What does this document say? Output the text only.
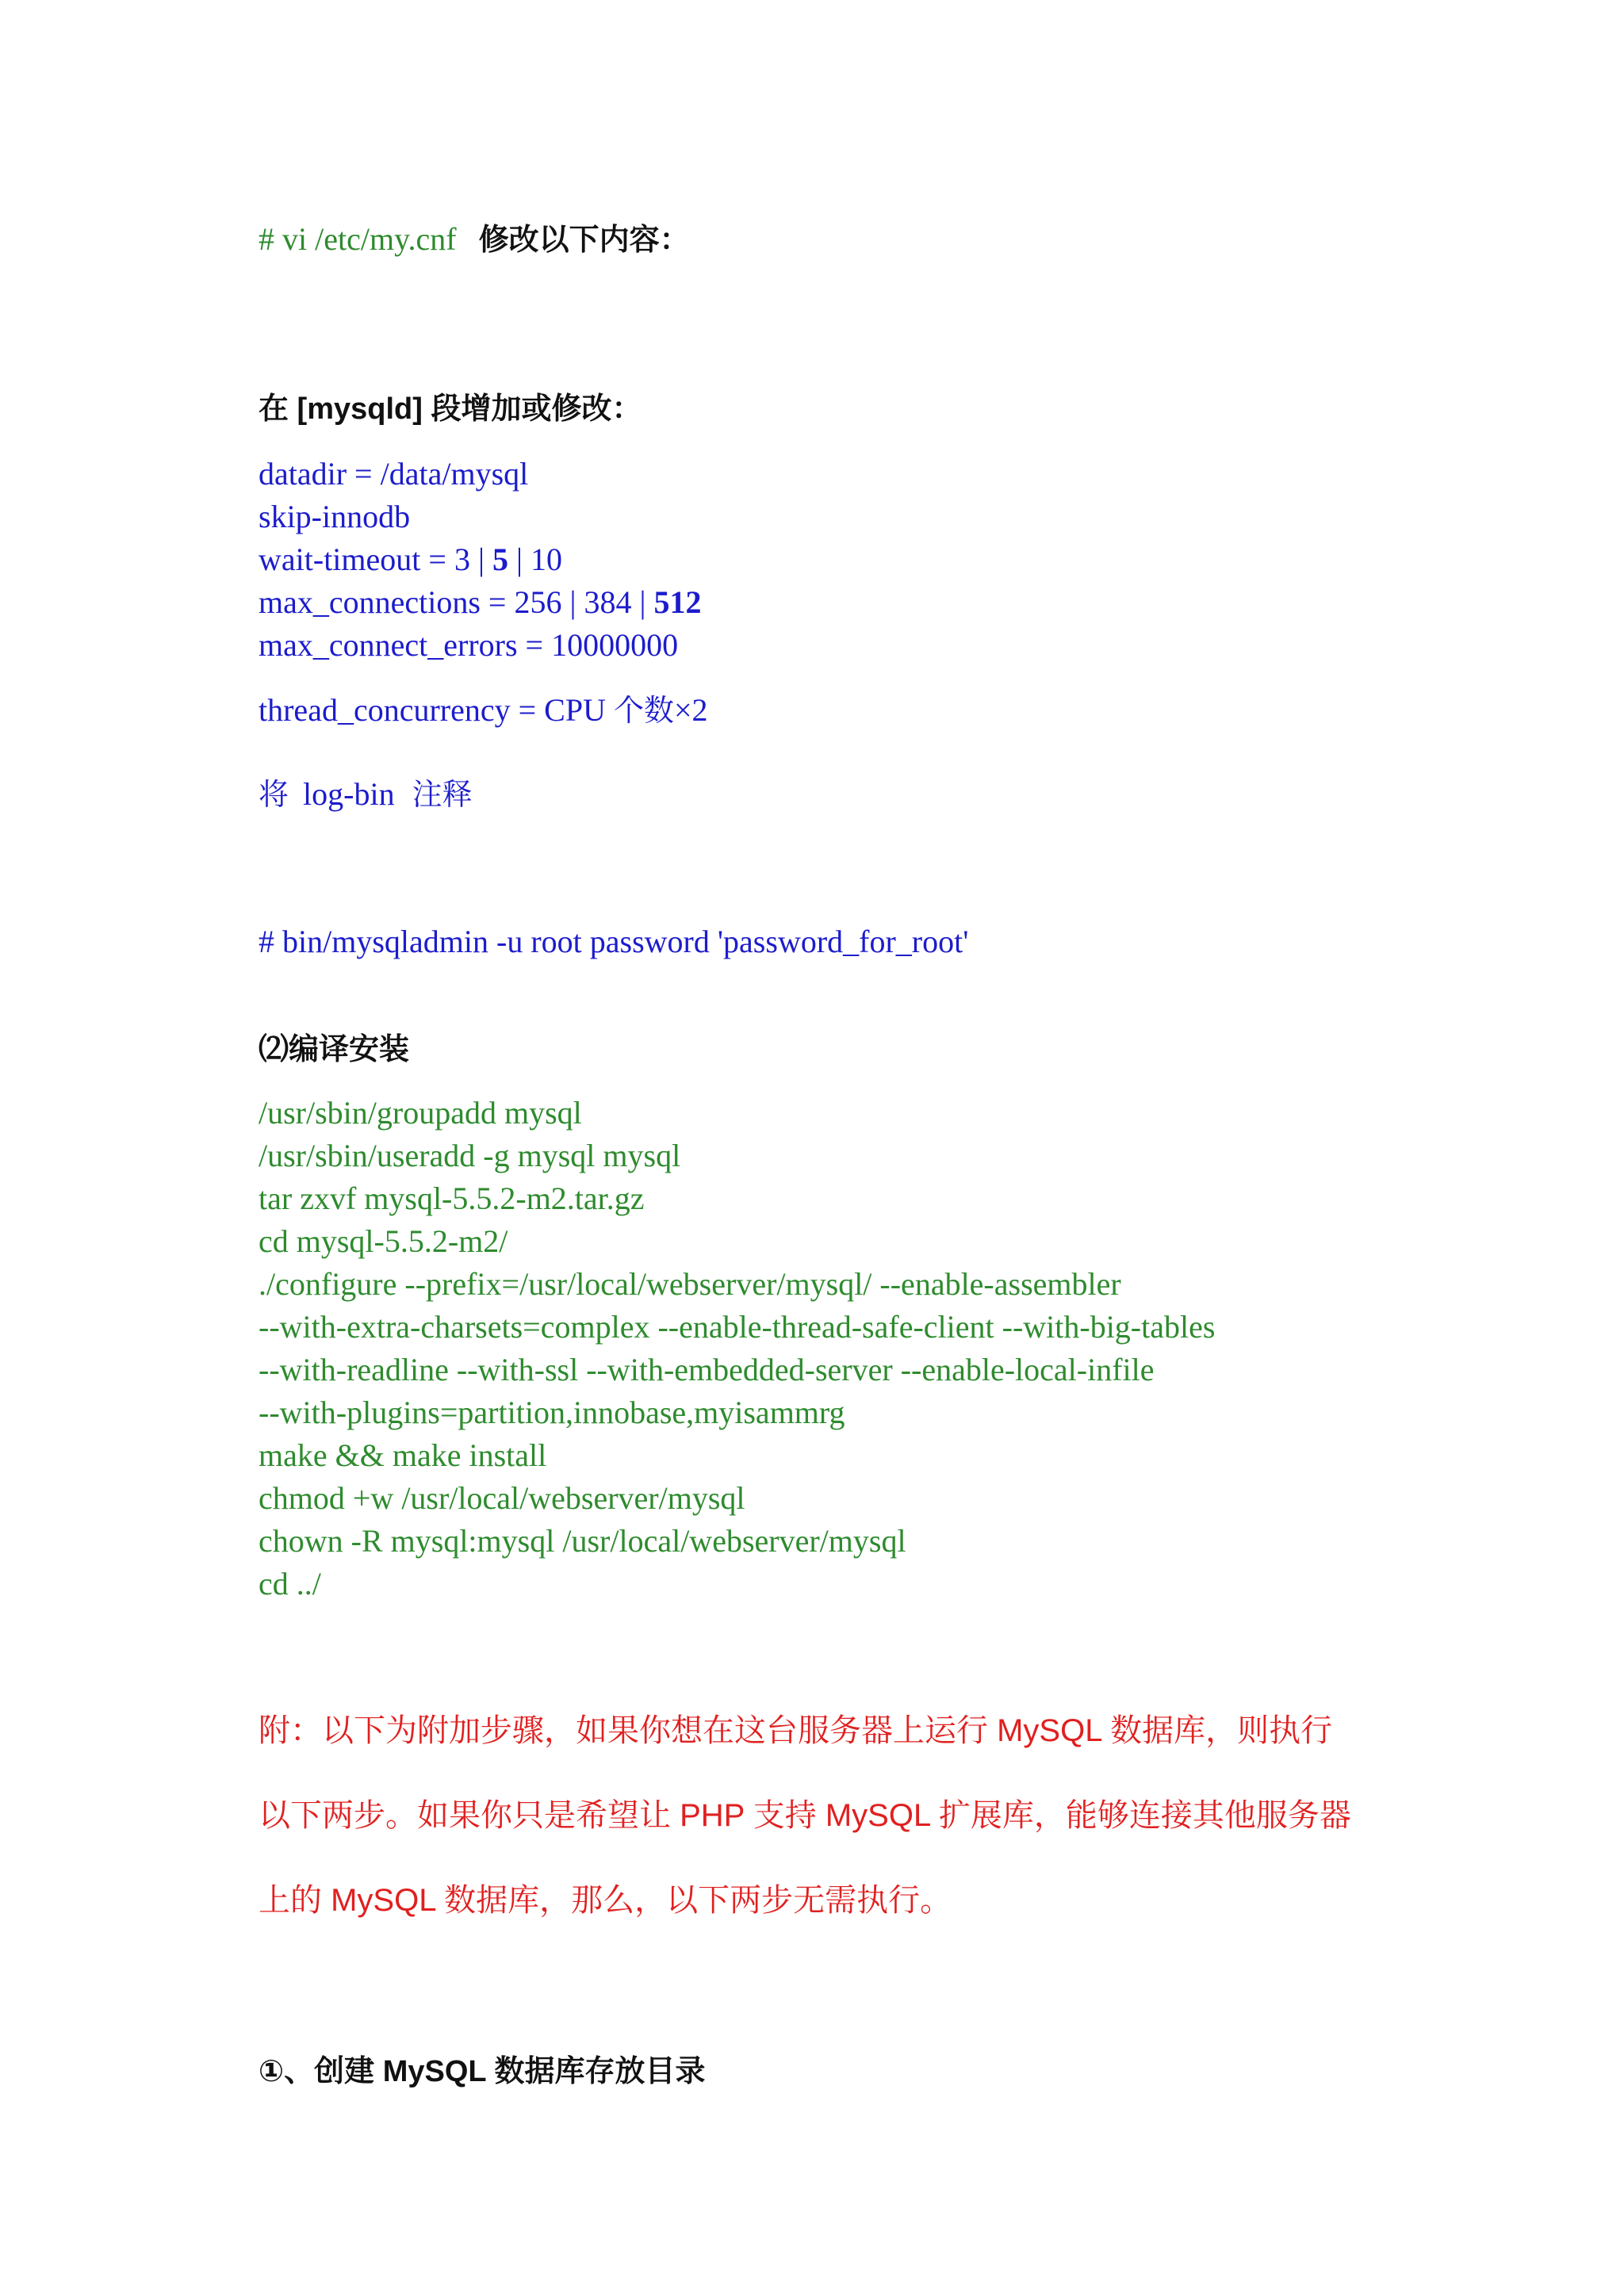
# vi /etc/my.cnf 修改以下内容：
在 [mysqld] 段增加或修改：
datadir = /data/mysql
skip-innodb
wait-timeout = 3 | 5 | 10
max_connections = 256 | 384 | 512
max_connect_errors = 10000000
thread_concurrency = CPU 个数×2
将 log-bin 注释
# bin/mysqladmin -u root password 'password_for_root'
⑵编译安装
/usr/sbin/groupadd mysql
/usr/sbin/useradd -g mysql mysql
tar zxvf mysql-5.5.2-m2.tar.gz
cd mysql-5.5.2-m2/
./configure --prefix=/usr/local/webserver/mysql/ --enable-assembler
--with-extra-charsets=complex --enable-thread-safe-client --with-big-tables
--with-readline --with-ssl --with-embedded-server --enable-local-infile
--with-plugins=partition,innobase,myisammrg
make && make install
chmod +w /usr/local/webserver/mysql
chown -R mysql:mysql /usr/local/webserver/mysql
cd ../
附：以下为附加步骤，如果你想在这台服务器上运行 MySQL 数据库，则执行
以下两步。如果你只是希望让 PHP 支持 MySQL 扩展库，能够连接其他服务器
上的 MySQL 数据库，那么，以下两步无需执行。
①、创建 MySQL 数据库存放目录
